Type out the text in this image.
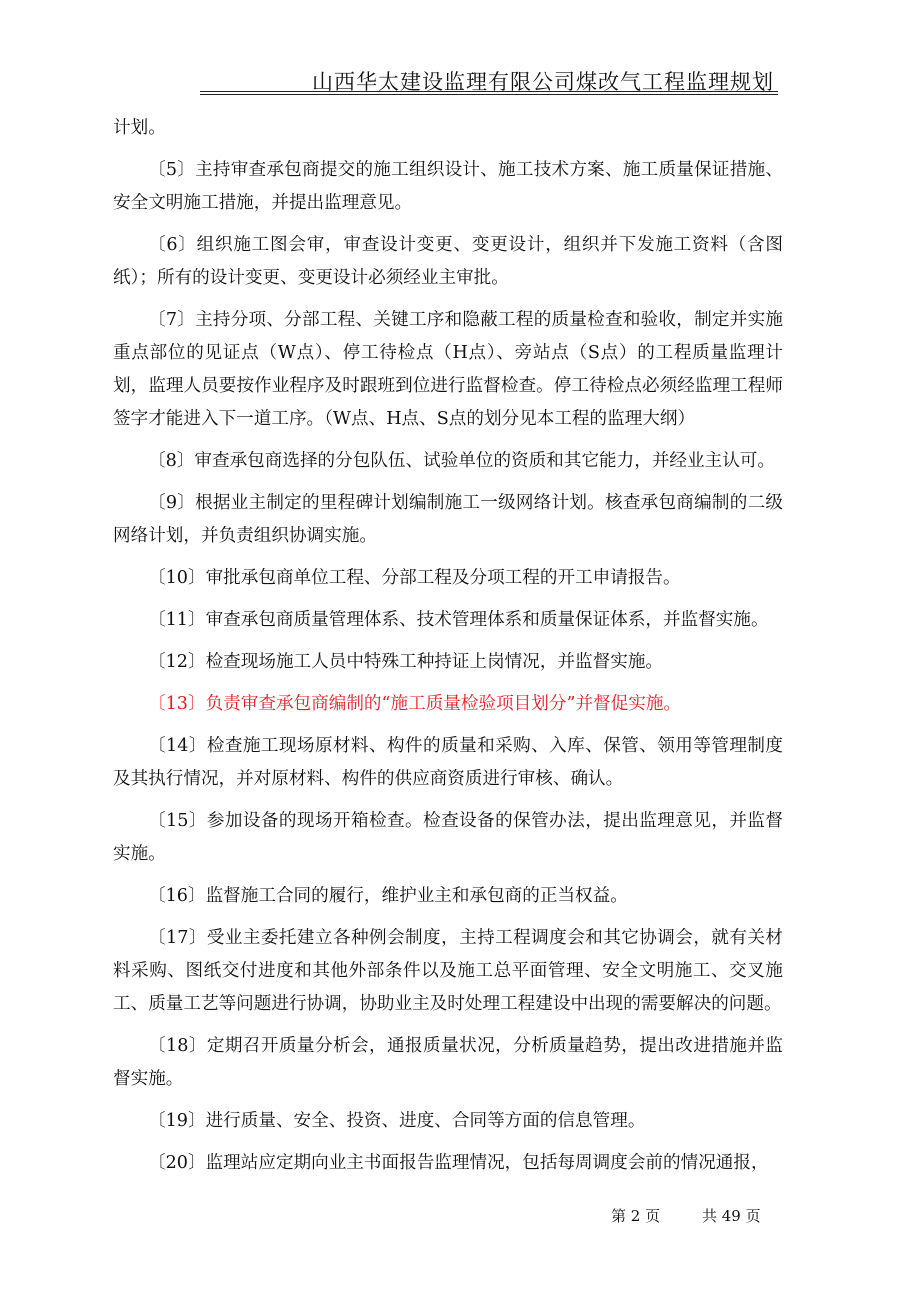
山西华太建设监理有限公司煤改气工程监理规划

计划。

〔5〕主持审查承包商提交的施工组织设计、施工技术方案、施工质量保证措施、安全文明施工措施，并提出监理意见。

〔6〕组织施工图会审，审查设计变更、变更设计，组织并下发施工资料（含图纸）；所有的设计变更、变更设计必须经业主审批。

〔7〕主持分项、分部工程、关键工序和隐蔽工程的质量检查和验收，制定并实施重点部位的见证点（W点）、停工待检点（H点）、旁站点（S点）的工程质量监理计划，监理人员要按作业程序及时跟班到位进行监督检查。停工待检点必须经监理工程师签字才能进入下一道工序。（W点、H点、S点的划分见本工程的监理大纲）

〔8〕审查承包商选择的分包队伍、试验单位的资质和其它能力，并经业主认可。

〔9〕根据业主制定的里程碑计划编制施工一级网络计划。核查承包商编制的二级网络计划，并负责组织协调实施。

〔10〕审批承包商单位工程、分部工程及分项工程的开工申请报告。

〔11〕审查承包商质量管理体系、技术管理体系和质量保证体系，并监督实施。

〔12〕检查现场施工人员中特殊工种持证上岗情况，并监督实施。

〔13〕负责审查承包商编制的“施工质量检验项目划分”并督促实施。

〔14〕检查施工现场原材料、构件的质量和采购、入库、保管、领用等管理制度及其执行情况，并对原材料、构件的供应商资质进行审核、确认。

〔15〕参加设备的现场开箱检查。检查设备的保管办法，提出监理意见，并监督实施。

〔16〕监督施工合同的履行，维护业主和承包商的正当权益。

〔17〕受业主委托建立各种例会制度，主持工程调度会和其它协调会，就有关材料采购、图纸交付进度和其他外部条件以及施工总平面管理、安全文明施工、交叉施工、质量工艺等问题进行协调，协助业主及时处理工程建设中出现的需要解决的问题。

〔18〕定期召开质量分析会，通报质量状况，分析质量趋势，提出改进措施并监督实施。

〔19〕进行质量、安全、投资、进度、合同等方面的信息管理。

〔20〕监理站应定期向业主书面报告监理情况，包括每周调度会前的情况通报，

第 2 页	共 49 页
